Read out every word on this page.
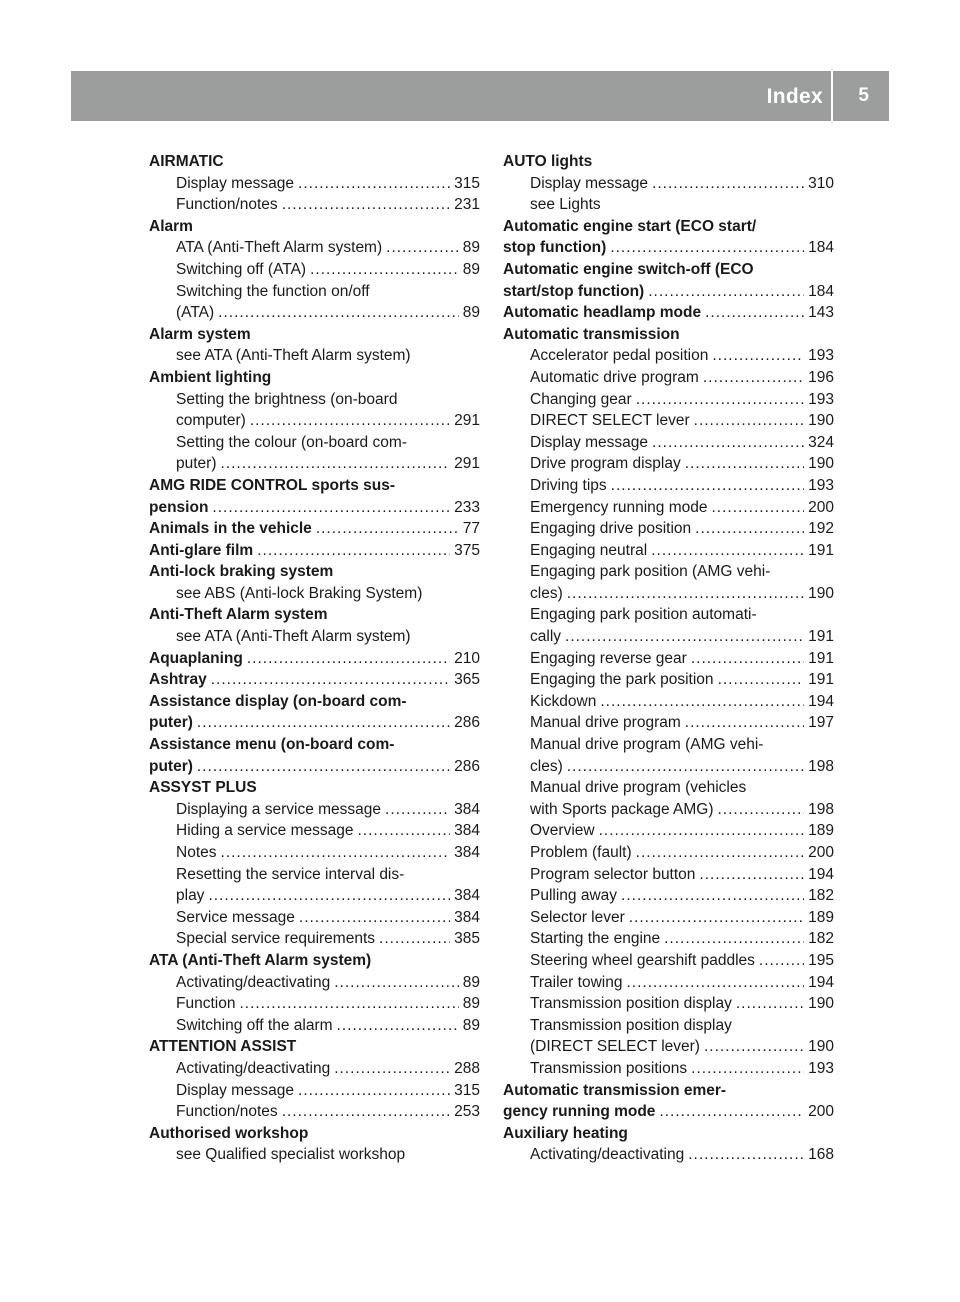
Index 5
AIRMATIC
Display message .....	315
Function/notes .....	231
Alarm
ATA (Anti-Theft Alarm system) .....	89
Switching off (ATA) .....	89
Switching the function on/off
(ATA) .....	89
Alarm system
see ATA (Anti-Theft Alarm system)
Ambient lighting
Setting the brightness (on-board
computer) .....	291
Setting the colour (on-board com-
puter) .....	291
AMG RIDE CONTROL sports sus-
pension .....	233
Animals in the vehicle .....	77
Anti-glare film .....	375
Anti-lock braking system
see ABS (Anti-lock Braking System)
Anti-Theft Alarm system
see ATA (Anti-Theft Alarm system)
Aquaplaning .....	210
Ashtray .....	365
Assistance display (on-board com-
puter) .....	286
Assistance menu (on-board com-
puter) .....	286
ASSYST PLUS
Displaying a service message .....	384
Hiding a service message .....	384
Notes .....	384
Resetting the service interval dis-
play .....	384
Service message .....	384
Special service requirements .....	385
ATA (Anti-Theft Alarm system)
Activating/deactivating .....	89
Function .....	89
Switching off the alarm .....	89
ATTENTION ASSIST
Activating/deactivating .....	288
Display message .....	315
Function/notes .....	253
Authorised workshop
see Qualified specialist workshop
AUTO lights
Display message .....	310
see Lights
Automatic engine start (ECO start/
stop function) .....	184
Automatic engine switch-off (ECO
start/stop function) .....	184
Automatic headlamp mode .....	143
Automatic transmission
Accelerator pedal position .....	193
Automatic drive program .....	196
Changing gear .....	193
DIRECT SELECT lever .....	190
Display message .....	324
Drive program display .....	190
Driving tips .....	193
Emergency running mode .....	200
Engaging drive position .....	192
Engaging neutral .....	191
Engaging park position (AMG vehi-
cles) .....	190
Engaging park position automati-
cally .....	191
Engaging reverse gear .....	191
Engaging the park position .....	191
Kickdown .....	194
Manual drive program .....	197
Manual drive program (AMG vehi-
cles) .....	198
Manual drive program (vehicles
with Sports package AMG) .....	198
Overview .....	189
Problem (fault) .....	200
Program selector button .....	194
Pulling away .....	182
Selector lever .....	189
Starting the engine .....	182
Steering wheel gearshift paddles .....	195
Trailer towing .....	194
Transmission position display .....	190
Transmission position display
(DIRECT SELECT lever) .....	190
Transmission positions .....	193
Automatic transmission emer-
gency running mode .....	200
Auxiliary heating
Activating/deactivating .....	168
